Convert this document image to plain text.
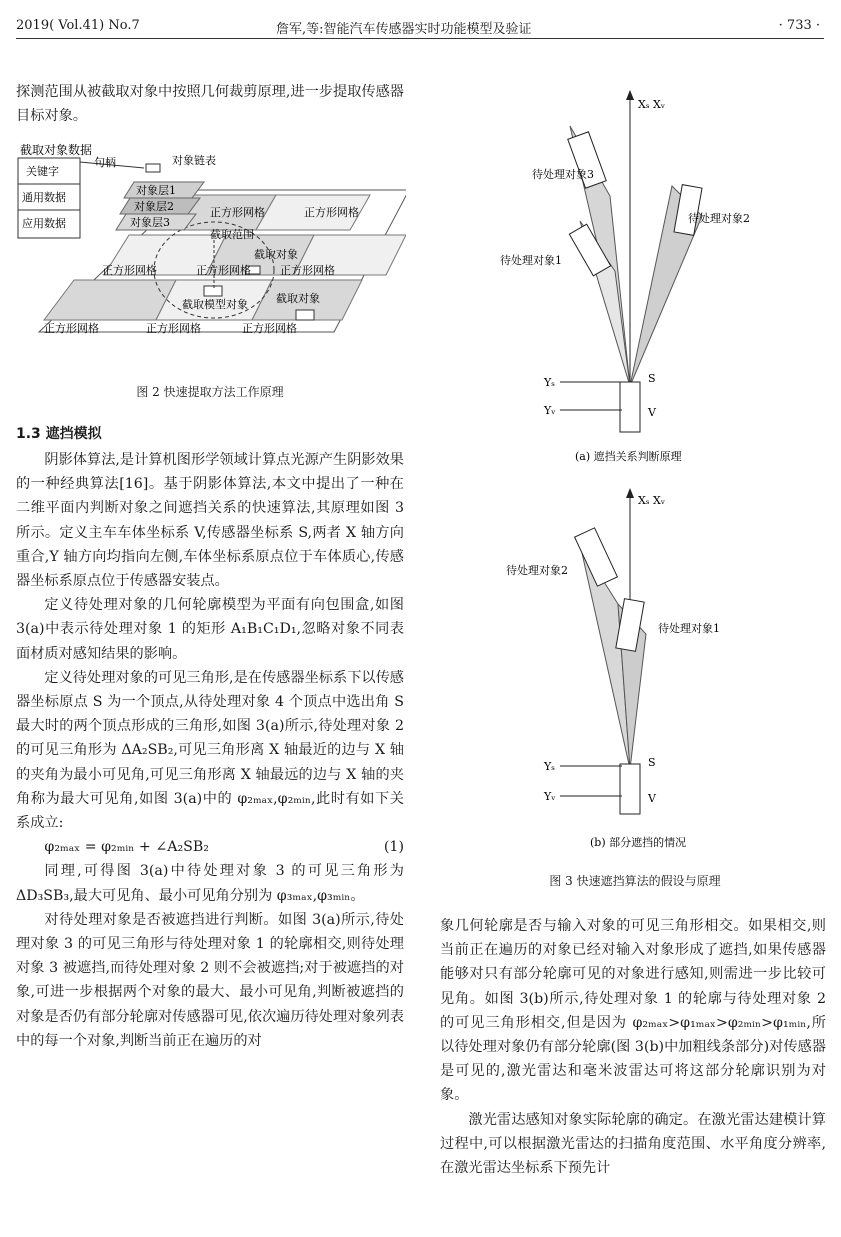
2019( Vol.41) No.7	詹军,等:智能汽车传感器实时功能模型及验证	· 733 ·

探测范围从被截取对象中按照几何裁剪原理,进一步提取传感器目标对象。

截取对象数据
关键字
通用数据
应用数据
句柄	对象链表
对象层1
对象层2
对象层3
正方形网格	正方形网格
截取范围
截取对象
正方形网格	正方形网格	正方形网格
截取模型对象	截取对象
正方形网格	正方形网格	正方形网格
图 2 快速提取方法工作原理
1.3 遮挡模拟

阴影体算法,是计算机图形学领域计算点光源产生阴影效果的一种经典算法[16]。基于阴影体算法,本文中提出了一种在二维平面内判断对象之间遮挡关系的快速算法,其原理如图 3 所示。定义主车车体坐标系 V,传感器坐标系 S,两者 X 轴方向重合,Y 轴方向均指向左侧,车体坐标系原点位于车体质心,传感器坐标系原点位于传感器安装点。

定义待处理对象的几何轮廓模型为平面有向包围盒,如图 3(a)中表示待处理对象 1 的矩形 A₁B₁C₁D₁,忽略对象不同表面材质对感知结果的影响。

定义待处理对象的可见三角形,是在传感器坐标系下以传感器坐标原点 S 为一个顶点,从待处理对象 4 个顶点中选出角 S 最大时的两个顶点形成的三角形,如图 3(a)所示,待处理对象 2 的可见三角形为 ΔA₂SB₂,可见三角形离 X 轴最近的边与 X 轴的夹角为最小可见角,可见三角形离 X 轴最远的边与 X 轴的夹角称为最大可见角,如图 3(a)中的 φ₂ₘₐₓ,φ₂ₘᵢₙ,此时有如下关系成立:

φ₂ₘₐₓ = φ₂ₘᵢₙ + ∠A₂SB₂	(1)

同理,可得图 3(a)中待处理对象 3 的可见三角形为 ΔD₃SB₃,最大可见角、最小可见角分别为 φ₃ₘₐₓ,φ₃ₘᵢₙ。

对待处理对象是否被遮挡进行判断。如图 3(a)所示,待处理对象 3 的可见三角形与待处理对象 1 的轮廓相交,则待处理对象 3 被遮挡,而待处理对象 2 则不会被遮挡;对于被遮挡的对象,可进一步根据两个对象的最大、最小可见角,判断被遮挡的对象是否仍有部分轮廓对传感器可见,依次遍历待处理对象列表中的每一个对象,判断当前正在遍历的对

Xₛ Xᵥ
待处理对象3
待处理对象2
待处理对象1
Yₛ
Yᵥ
S
V
(a) 遮挡关系判断原理
Xₛ Xᵥ
待处理对象2
待处理对象1
Yₛ
Yᵥ
S
V
(b) 部分遮挡的情况
图 3 快速遮挡算法的假设与原理

象几何轮廓是否与输入对象的可见三角形相交。如果相交,则当前正在遍历的对象已经对输入对象形成了遮挡,如果传感器能够对只有部分轮廓可见的对象进行感知,则需进一步比较可见角。如图 3(b)所示,待处理对象 1 的轮廓与待处理对象 2 的可见三角形相交,但是因为 φ₂ₘₐₓ>φ₁ₘₐₓ>φ₂ₘᵢₙ>φ₁ₘᵢₙ,所以待处理对象仍有部分轮廓(图 3(b)中加粗线条部分)对传感器是可见的,激光雷达和毫米波雷达可将这部分轮廓识别为对象。

激光雷达感知对象实际轮廓的确定。在激光雷达建模计算过程中,可以根据激光雷达的扫描角度范围、水平角度分辨率,在激光雷达坐标系下预先计
